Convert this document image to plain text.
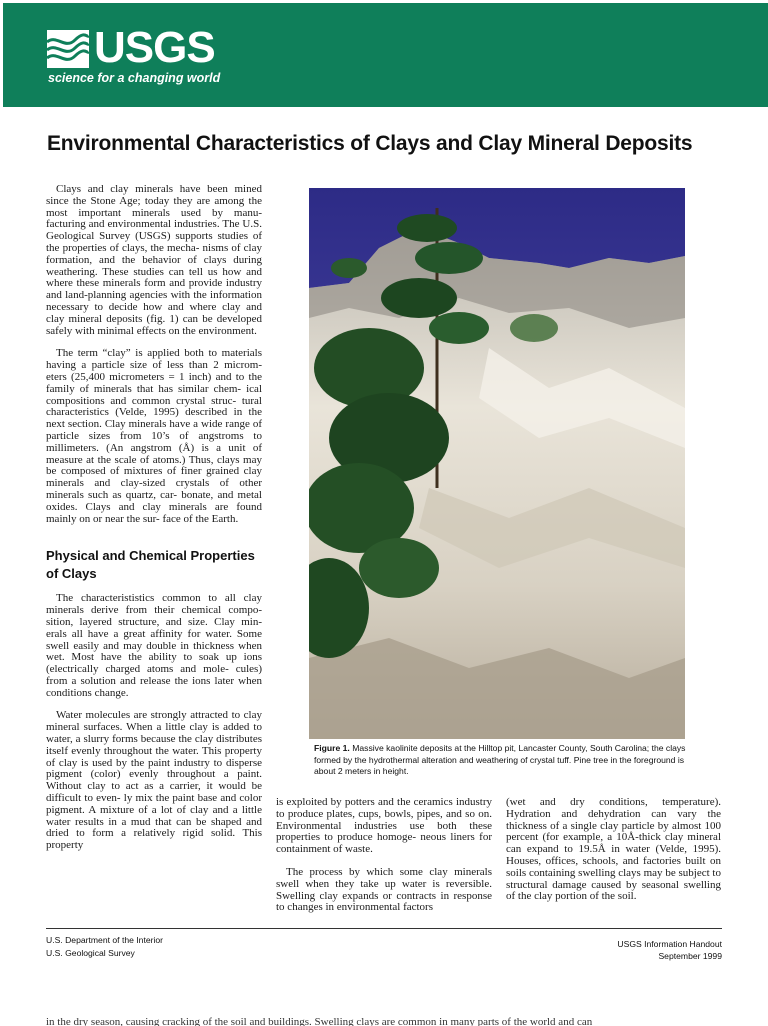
USGS
science for a changing world
Environmental Characteristics of Clays and Clay Mineral Deposits

Clays and clay minerals have been mined since the Stone Age; today they are among the most important minerals used by manu- facturing and environmental industries. The U.S. Geological Survey (USGS) supports studies of the properties of clays, the mecha- nisms of clay formation, and the behavior of clays during weathering. These studies can tell us how and where these minerals form and provide industry and land-planning agencies with the information necessary to decide how and where clay and clay mineral deposits (fig. 1) can be developed safely with minimal effects on the environment.

The term “clay” is applied both to materials having a particle size of less than 2 microm- eters (25,400 micrometers = 1 inch) and to the family of minerals that has similar chem- ical compositions and common crystal struc- tural characteristics (Velde, 1995) described in the next section. Clay minerals have a wide range of particle sizes from 10’s of angstroms to millimeters. (An angstrom (Å) is a unit of measure at the scale of atoms.) Thus, clays may be composed of mixtures of finer grained clay minerals and clay-sized crystals of other minerals such as quartz, car- bonate, and metal oxides. Clays and clay minerals are found mainly on or near the sur- face of the Earth.

Physical and Chemical Properties of Clays

The characterististics common to all clay minerals derive from their chemical compo- sition, layered structure, and size. Clay min- erals all have a great affinity for water. Some swell easily and may double in thickness when wet. Most have the ability to soak up ions (electrically charged atoms and mole- cules) from a solution and release the ions later when conditions change.

Water molecules are strongly attracted to clay mineral surfaces. When a little clay is added to water, a slurry forms because the clay distributes itself evenly throughout the water. This property of clay is used by the paint industry to disperse pigment (color) evenly throughout a paint. Without clay to act as a carrier, it would be difficult to even- ly mix the paint base and color pigment. A mixture of a lot of clay and a little water results in a mud that can be shaped and dried to form a relatively rigid solid. This property

Figure 1. Massive kaolinite deposits at the Hilltop pit, Lancaster County, South Carolina; the clays formed by the hydrothermal alteration and weathering of crystal tuff. Pine tree in the foreground is about 2 meters in height.

is exploited by potters and the ceramics industry to produce plates, cups, bowls, pipes, and so on. Environmental industries use both these properties to produce homoge- neous liners for containment of waste.

The process by which some clay minerals swell when they take up water is reversible. Swelling clay expands or contracts in response to changes in environmental factors

(wet and dry conditions, temperature). Hydration and dehydration can vary the thickness of a single clay particle by almost 100 percent (for example, a 10Å-thick clay mineral can expand to 19.5Å in water (Velde, 1995). Houses, offices, schools, and factories built on soils containing swelling clays may be subject to structural damage caused by seasonal swelling of the clay portion of the soil.

U.S. Department of the Interior
U.S. Geological Survey

USGS Information Handout
September 1999

in the dry season, causing cracking of the soil and buildings. Swelling clays are common in many parts of the world and can
